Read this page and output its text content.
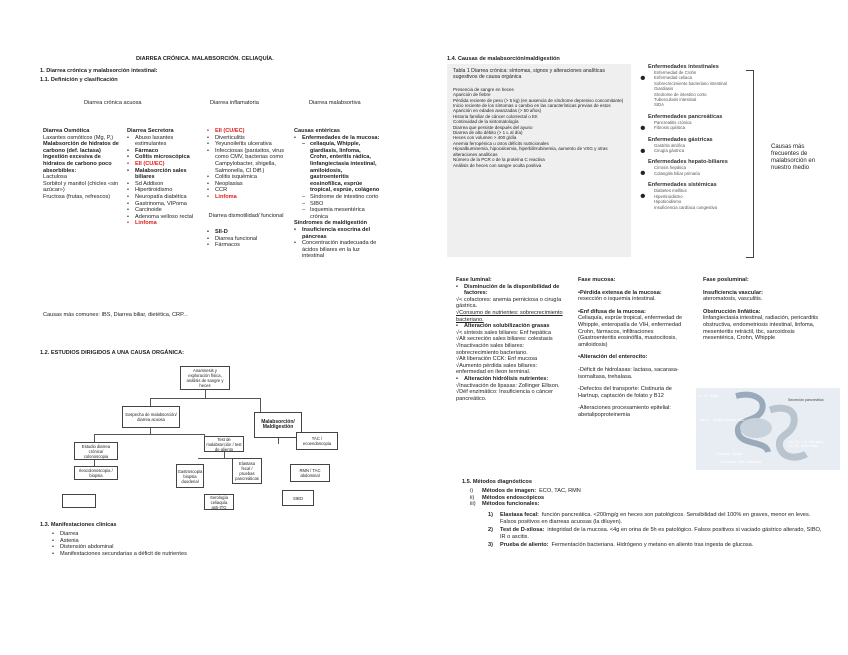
DIARREA CRÓNICA. MALABSORCIÓN. CELIAQUÍA.
1. Diarrea crónica y malabsorción intestinal:
1.1. Definición y clasificación
Diarrea crónica acuosa	Diarrea inflamatoria	Diarrea malabsortiva
Diarrea Osmótica
Laxantes osmóticos (Mg, P,)
Malabsorción de hidratos de carbono (def. lactasa)
Ingestión excesiva de hidratos de carbono poco absorbibles:
Lactulosa
Sorbitol y manitol (chicles «sin azúcar»)
Fructosa (frutas, refrescos)
Diarrea Secretora
• Abuso laxantes estimulantes
• Fármaco
• Colitis microscópica
• EII (CU/EC)
• Malabsorción sales biliares
• Sd Addison
• Hipertiroidismo
• Neuropatía diabética
• Gastrinoma, VIPoma
• Carcinoide
• Adenoma velloso rectal
• Linfoma
• EII (CU/EC)
• Diverticulitis
• Yeyunoileítis ulcerativa
• Infecciosas (parásitos, virus como CMV, bacterias como Campylobacter, shigella, Salmonella, Cl Diff.)
• Colitis isquémica
• Neoplasias
• CCR
• Linfoma
Diarrea dismotilidad/ funcional
• SII-D
• Diarrea funcional
• Fármacos
Causas entéricas
• Enfermedades de la mucosa:
– celiaquía, Whipple, giardiasis, linfoma, Crohn, enteritis rádica, linfangiectasia intestinal, amiloidosis, gastroenteritis eosinofílica, esprúe tropical, esprúe, colágeno
– Síndrome de intestino corto
– SIBO
– Isquemia mesentérica crónica
Síndromes de maldigestión
• Insuficiencia exocrina del páncreas
• Concentración inadecuada de ácidos biliares en la luz intestinal
Causas más comunes: IBS, Diarrea biliar, dietética, CRP...
1.2. ESTUDIOS DIRIGIDOS A UNA CAUSA ORGÁNICA:
Anamnesis y exploración física, análisis de sangre y heces
Sospecha de malabsorción/ diarrea acuosa	Malabsorción/ Maldigestión
Estudio diarrea crónica/ colonoscopia
Test de malabsorción / test de aliento
TAC / ecoendoscopia
Ileocolonoscopia / biopsia
Gastroscopia biopsia duodenal
Elastasa fecal / pruebas pancreáticas
Serología celiaquía anti-tTG
RMN / TAC abdominal
SIBO
1.3. Manifestaciones clínicas
• Diarrea
• Astenia
• Distensión abdominal
• Manifestaciones secundarias a déficit de nutrientes
1.4. Causas de malabsorción/maldigestión
Tabla 1 Diarrea crónica: síntomas, signos y alteraciones analíticas sugestivos de causa orgánica
Presencia de sangre en heces
Aparición de fiebre
Pérdida reciente de peso (> 5 kg) (en ausencia de síndrome depresivo concomitante)
Inicio reciente de los síntomas o cambio en las características previas de estos
Aparición en edades avanzadas (> 50 años)
Historia familiar de cáncer colorrectal o EII
Continuidad de la sintomatología
Diarrea que persiste después del ayuno
Diarrea de alto débito (> 1 L al día)
Heces con volumen > 400 g/día
Anemia ferropénica u otros déficits nutricionales
Hipoalbuminemia, hipocalcemia, hiperbilirrubinemia, aumento de VSG y otras alteraciones analíticas
Número de la PCR o de la proteína C reactiva
Análisis de heces con sangre oculta positiva
Enfermedades intestinales
•	Enfermedad de Crohn
Enfermedad celiaca
Sobrecrecimiento bacteriano intestinal
Giardiasis
Síndrome de intestino corto
Tuberculosis intestinal
SIDA
Enfermedades pancreáticas
•	Pancreatitis crónica
Fibrosis quística
Enfermedades gástricas
•	Gastritis atrófica
Cirugía gástrica
Enfermedades hepato-biliares
•	Cirrosis hepática
Colangitis biliar primaria
Enfermedades sistémicas
•	Diabetes mellitus
Hipertiroidismo
Hipotiroidismo
Insuficiencia cardíaca congestiva
Causas más frecuentes de malabsorción en nuestro medio
Fase luminal:
• Disminución de la disponibilidad de factores:
√< cofactores: anemia perniciosa o cirugía gástrica.
√Consumo de nutrientes: sobrecrecimiento bacteriano.
• Alteración solubilización grasas
√< síntesis sales biliares: Enf hepática
√Alt secreción sales biliares: colestasis
√Inactivación sales biliares: sobrecrecimiento bacteriano.
√Alt liberación CCK: Enf mucosa
√Aumento pérdida sales biliares: enfermedad en íleon terminal.
• Alteración hidrólisis nutrientes:
√Inactivación de lipasas: Zollinger Ellison.
√Déf enzimático: Insuficiencia o cáncer pancreático.
Fase mucosa:
•Pérdida extensa de la mucosa:
resección o isquemia intestinal.
•Enf difusa de la mucosa:
Celiaquía, esprúe tropical, enfermedad de Whipple, enteropatía de VIH, enfermedad Crohn, fármacos, infiltraciones (Gastroenteritis eosinófila, mastocitosis, amiloidosis)
•Alteración del enterocito:
-Déficit de hidrolasas: lactasa, sacarasa-isomaltasa, trehalasa.
-Defectos del transporte: Cistinuria de Hartnup, captación de folato y B12
-Alteraciones procesamiento epitelial: abetalipoproteinemia
Fase posluminal:
Insuficiencia vascular:
ateromatosis, vasculitis.
Obstrucción linfática:
linfangiectasia intestinal, radiación, pericarditis obstructiva, endometriosis intestinal, linfoma, mesenteritis retráctil, tbc, sarcoidosis mesentérica, Crohn, Whipple
Lo. Fe. Ácido
Secreción pancreática
Na, K... Ácidos biliares, B12
Ca, Fe, 1-4-2 de agua, HCO3-, ácido biliar
Glúcidos, lípidos
Colesterol, Bilis, vitaminas
1.5. Métodos diagnósticos
i) Métodos de imagen: ECO, TAC, RMN
ii) Métodos endoscópicos
iii) Métodos funcionales:
1) Elastasa fecal: función pancreática. <200mg/g en heces son patológicos. Sensibilidad del 100% en graves, menor en leves. Falsos positivos en diarreas acuosas (la diluyen).
2) Test de D-xilosa: integridad de la mucosa. <4g en orina de 5h es patológico. Falsos positivos si vaciado gástrico alterado, SIBO, IR o ascitis.
3) Prueba de aliento: Fermentación bacteriana. Hidrógeno y metano en aliento tras ingesta de glucosa.
